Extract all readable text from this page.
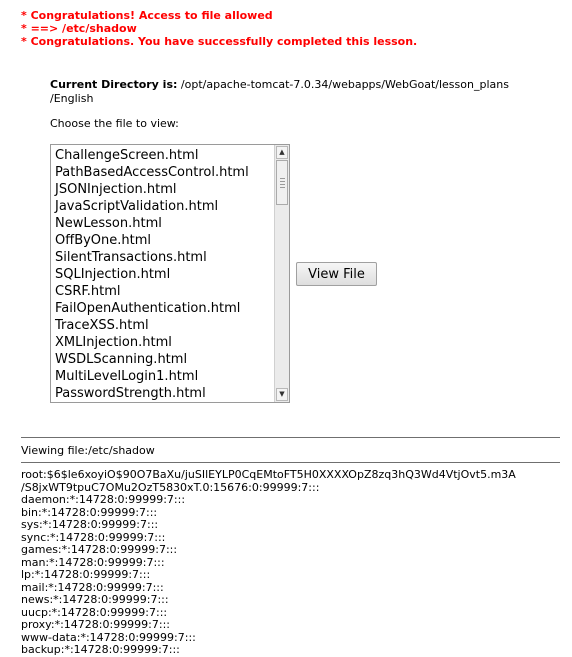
* Congratulations! Access to file allowed
* ==> /etc/shadow
* Congratulations. You have successfully completed this lesson.
Current Directory is: /opt/apache-tomcat-7.0.34/webapps/WebGoat/lesson_plans
/English
Choose the file to view:
ChallengeScreen.html
PathBasedAccessControl.html
JSONInjection.html
JavaScriptValidation.html
NewLesson.html
OffByOne.html
SilentTransactions.html
SQLInjection.html
CSRF.html
FailOpenAuthentication.html
TraceXSS.html
XMLInjection.html
WSDLScanning.html
MultiLevelLogin1.html
PasswordStrength.html
▲
▼
View File
Viewing file:/etc/shadow
root:$6$le6xoyiO$90O7BaXu/juSIlEYLP0CqEMtoFT5H0XXXXOpZ8zq3hQ3Wd4VtjOvt5.m3A
/S8jxWT9tpuC7OMu2OzT5830xT.0:15676:0:99999:7:::
daemon:*:14728:0:99999:7:::
bin:*:14728:0:99999:7:::
sys:*:14728:0:99999:7:::
sync:*:14728:0:99999:7:::
games:*:14728:0:99999:7:::
man:*:14728:0:99999:7:::
lp:*:14728:0:99999:7:::
mail:*:14728:0:99999:7:::
news:*:14728:0:99999:7:::
uucp:*:14728:0:99999:7:::
proxy:*:14728:0:99999:7:::
www-data:*:14728:0:99999:7:::
backup:*:14728:0:99999:7:::
